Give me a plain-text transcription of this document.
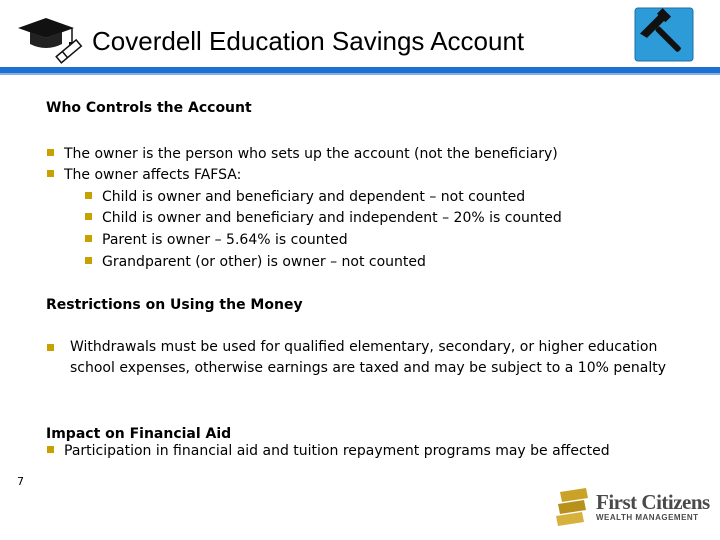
Coverdell Education Savings Account
Who Controls the Account
The owner is the person who sets up the account (not the beneficiary)
The owner affects FAFSA:
Child is owner and beneficiary and dependent – not counted
Child is owner and beneficiary and independent – 20% is counted
Parent is owner – 5.64% is counted
Grandparent (or other) is owner – not counted
Restrictions on Using the Money
Withdrawals must be used for qualified elementary, secondary, or higher education school expenses, otherwise earnings are taxed and may be subject to a 10% penalty
Impact on Financial Aid
Participation in financial aid and tuition repayment programs may be affected
7
First Citizens
WEALTH MANAGEMENT
